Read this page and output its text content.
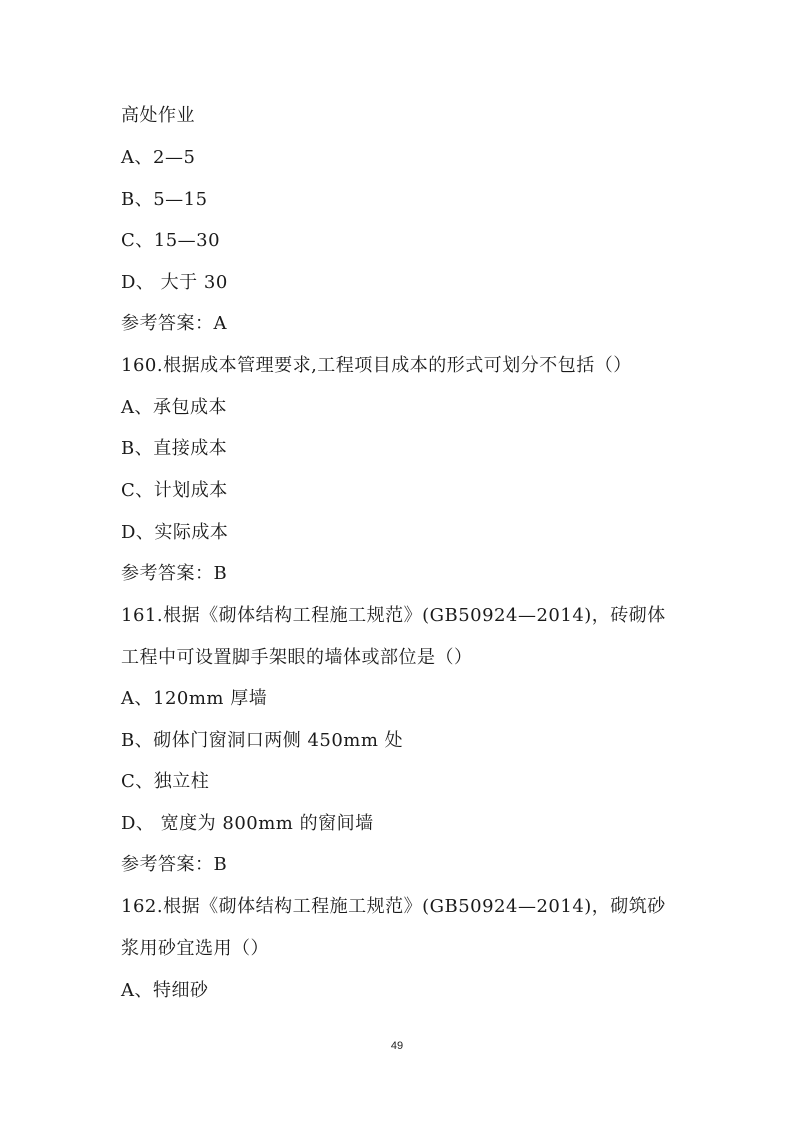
高处作业
A、2—5
B、5—15
C、15—30
D、 大于 30
参考答案：A
160.根据成本管理要求,工程项目成本的形式可划分不包括（）
A、承包成本
B、直接成本
C、计划成本
D、实际成本
参考答案：B
161.根据《砌体结构工程施工规范》(GB50924—2014)，砖砌体
工程中可设置脚手架眼的墙体或部位是（）
A、120mm 厚墙
B、砌体门窗洞口两侧 450mm 处
C、独立柱
D、 宽度为 800mm 的窗间墙
参考答案：B
162.根据《砌体结构工程施工规范》(GB50924—2014)，砌筑砂
浆用砂宜选用（）
A、特细砂
49
